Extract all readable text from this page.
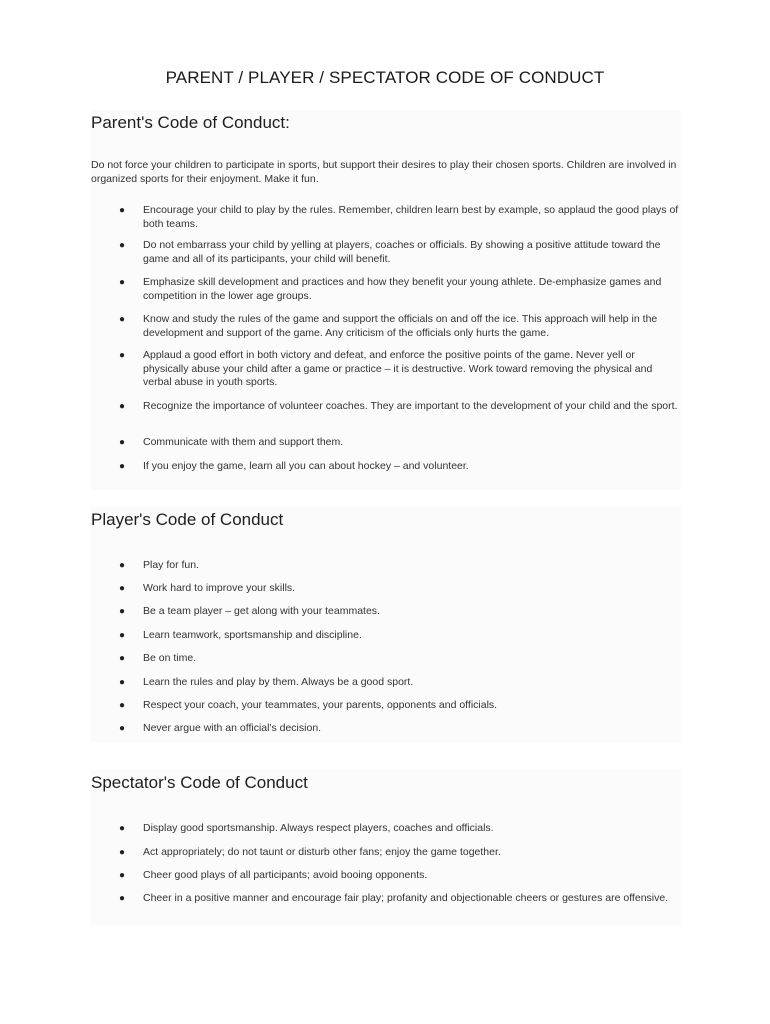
PARENT / PLAYER / SPECTATOR CODE OF CONDUCT
Parent's Code of Conduct:

Do not force your children to participate in sports, but support their desires to play their chosen sports. Children are involved in organized sports for their enjoyment. Make it fun.

● Encourage your child to play by the rules. Remember, children learn best by example, so applaud the good plays of both teams.
● Do not embarrass your child by yelling at players, coaches or officials. By showing a positive attitude toward the game and all of its participants, your child will benefit.
● Emphasize skill development and practices and how they benefit your young athlete. De-emphasize games and competition in the lower age groups.
● Know and study the rules of the game and support the officials on and off the ice. This approach will help in the development and support of the game. Any criticism of the officials only hurts the game.
● Applaud a good effort in both victory and defeat, and enforce the positive points of the game. Never yell or physically abuse your child after a game or practice – it is destructive. Work toward removing the physical and verbal abuse in youth sports.
● Recognize the importance of volunteer coaches. They are important to the development of your child and the sport.
● Communicate with them and support them.
● If you enjoy the game, learn all you can about hockey – and volunteer.
Player's Code of Conduct
● Play for fun.
● Work hard to improve your skills.
● Be a team player – get along with your teammates.
● Learn teamwork, sportsmanship and discipline.
● Be on time.
● Learn the rules and play by them. Always be a good sport.
● Respect your coach, your teammates, your parents, opponents and officials.
● Never argue with an official's decision.
Spectator's Code of Conduct
● Display good sportsmanship. Always respect players, coaches and officials.
● Act appropriately; do not taunt or disturb other fans; enjoy the game together.
● Cheer good plays of all participants; avoid booing opponents.
● Cheer in a positive manner and encourage fair play; profanity and objectionable cheers or gestures are offensive.
